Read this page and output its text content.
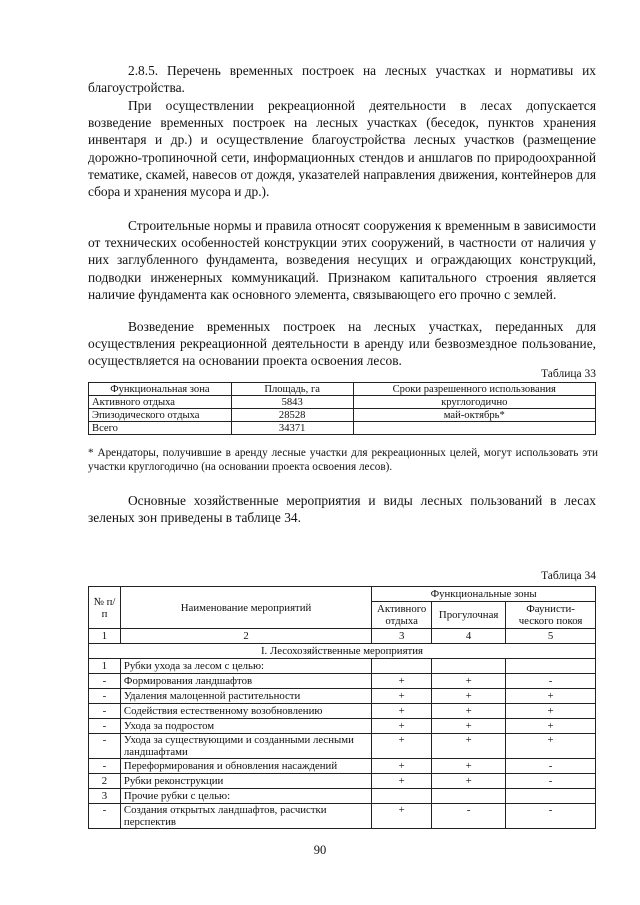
2.8.5. Перечень временных построек на лесных участках и нормативы их благоустройства.

При осуществлении рекреационной деятельности в лесах допускается возведение временных построек на лесных участках (беседок, пунктов хранения инвентаря и др.) и осуществление благоустройства лесных участков (размещение дорожно-тропиночной сети, информационных стендов и аншлагов по природоохранной тематике, скамей, навесов от дождя, указателей направления движения, контейнеров для сбора и хранения мусора и др.).

Строительные нормы и правила относят сооружения к временным в зависимости от технических особенностей конструкции этих сооружений, в частности от наличия у них заглубленного фундамента, возведения несущих и ограждающих конструкций, подводки инженерных коммуникаций. Признаком капитального строения является наличие фундамента как основного элемента, связывающего его прочно с землей.

Возведение временных построек на лесных участках, переданных для осуществления рекреационной деятельности в аренду или безвозмездное пользование, осуществляется на основании проекта освоения лесов.

Таблица 33
Функциональная зона	Площадь, га	Сроки разрешенного использования
Активного отдыха	5843	круглогодично
Эпизодического отдыха	28528	май-октябрь*
Всего	34371	

* Арендаторы, получившие в аренду лесные участки для рекреационных целей, могут использовать эти участки круглогодично (на основании проекта освоения лесов).

Основные хозяйственные мероприятия и виды лесных пользований в лесах зеленых зон приведены в таблице 34.

Таблица 34
№ п/п	Наименование мероприятий	Функциональные зоны		
		Активного отдыха	Прогулочная	Фаунисти-ческого покоя
1	2	3	4	5
I. Лесохозяйственные мероприятия				
1	Рубки ухода за лесом с целью:			
-	Формирования ландшафтов	+	+	-
-	Удаления малоценной растительности	+	+	+
-	Содействия естественному возобновлению	+	+	+
-	Ухода за подростом	+	+	+
-	Ухода за существующими и созданными лесными ландшафтами	+	+	+
-	Переформирования и обновления насаждений	+	+	-
2	Рубки реконструкции	+	+	-
3	Прочие рубки с целью:			
-	Создания открытых ландшафтов, расчистки перспектив	+	-	-
90
